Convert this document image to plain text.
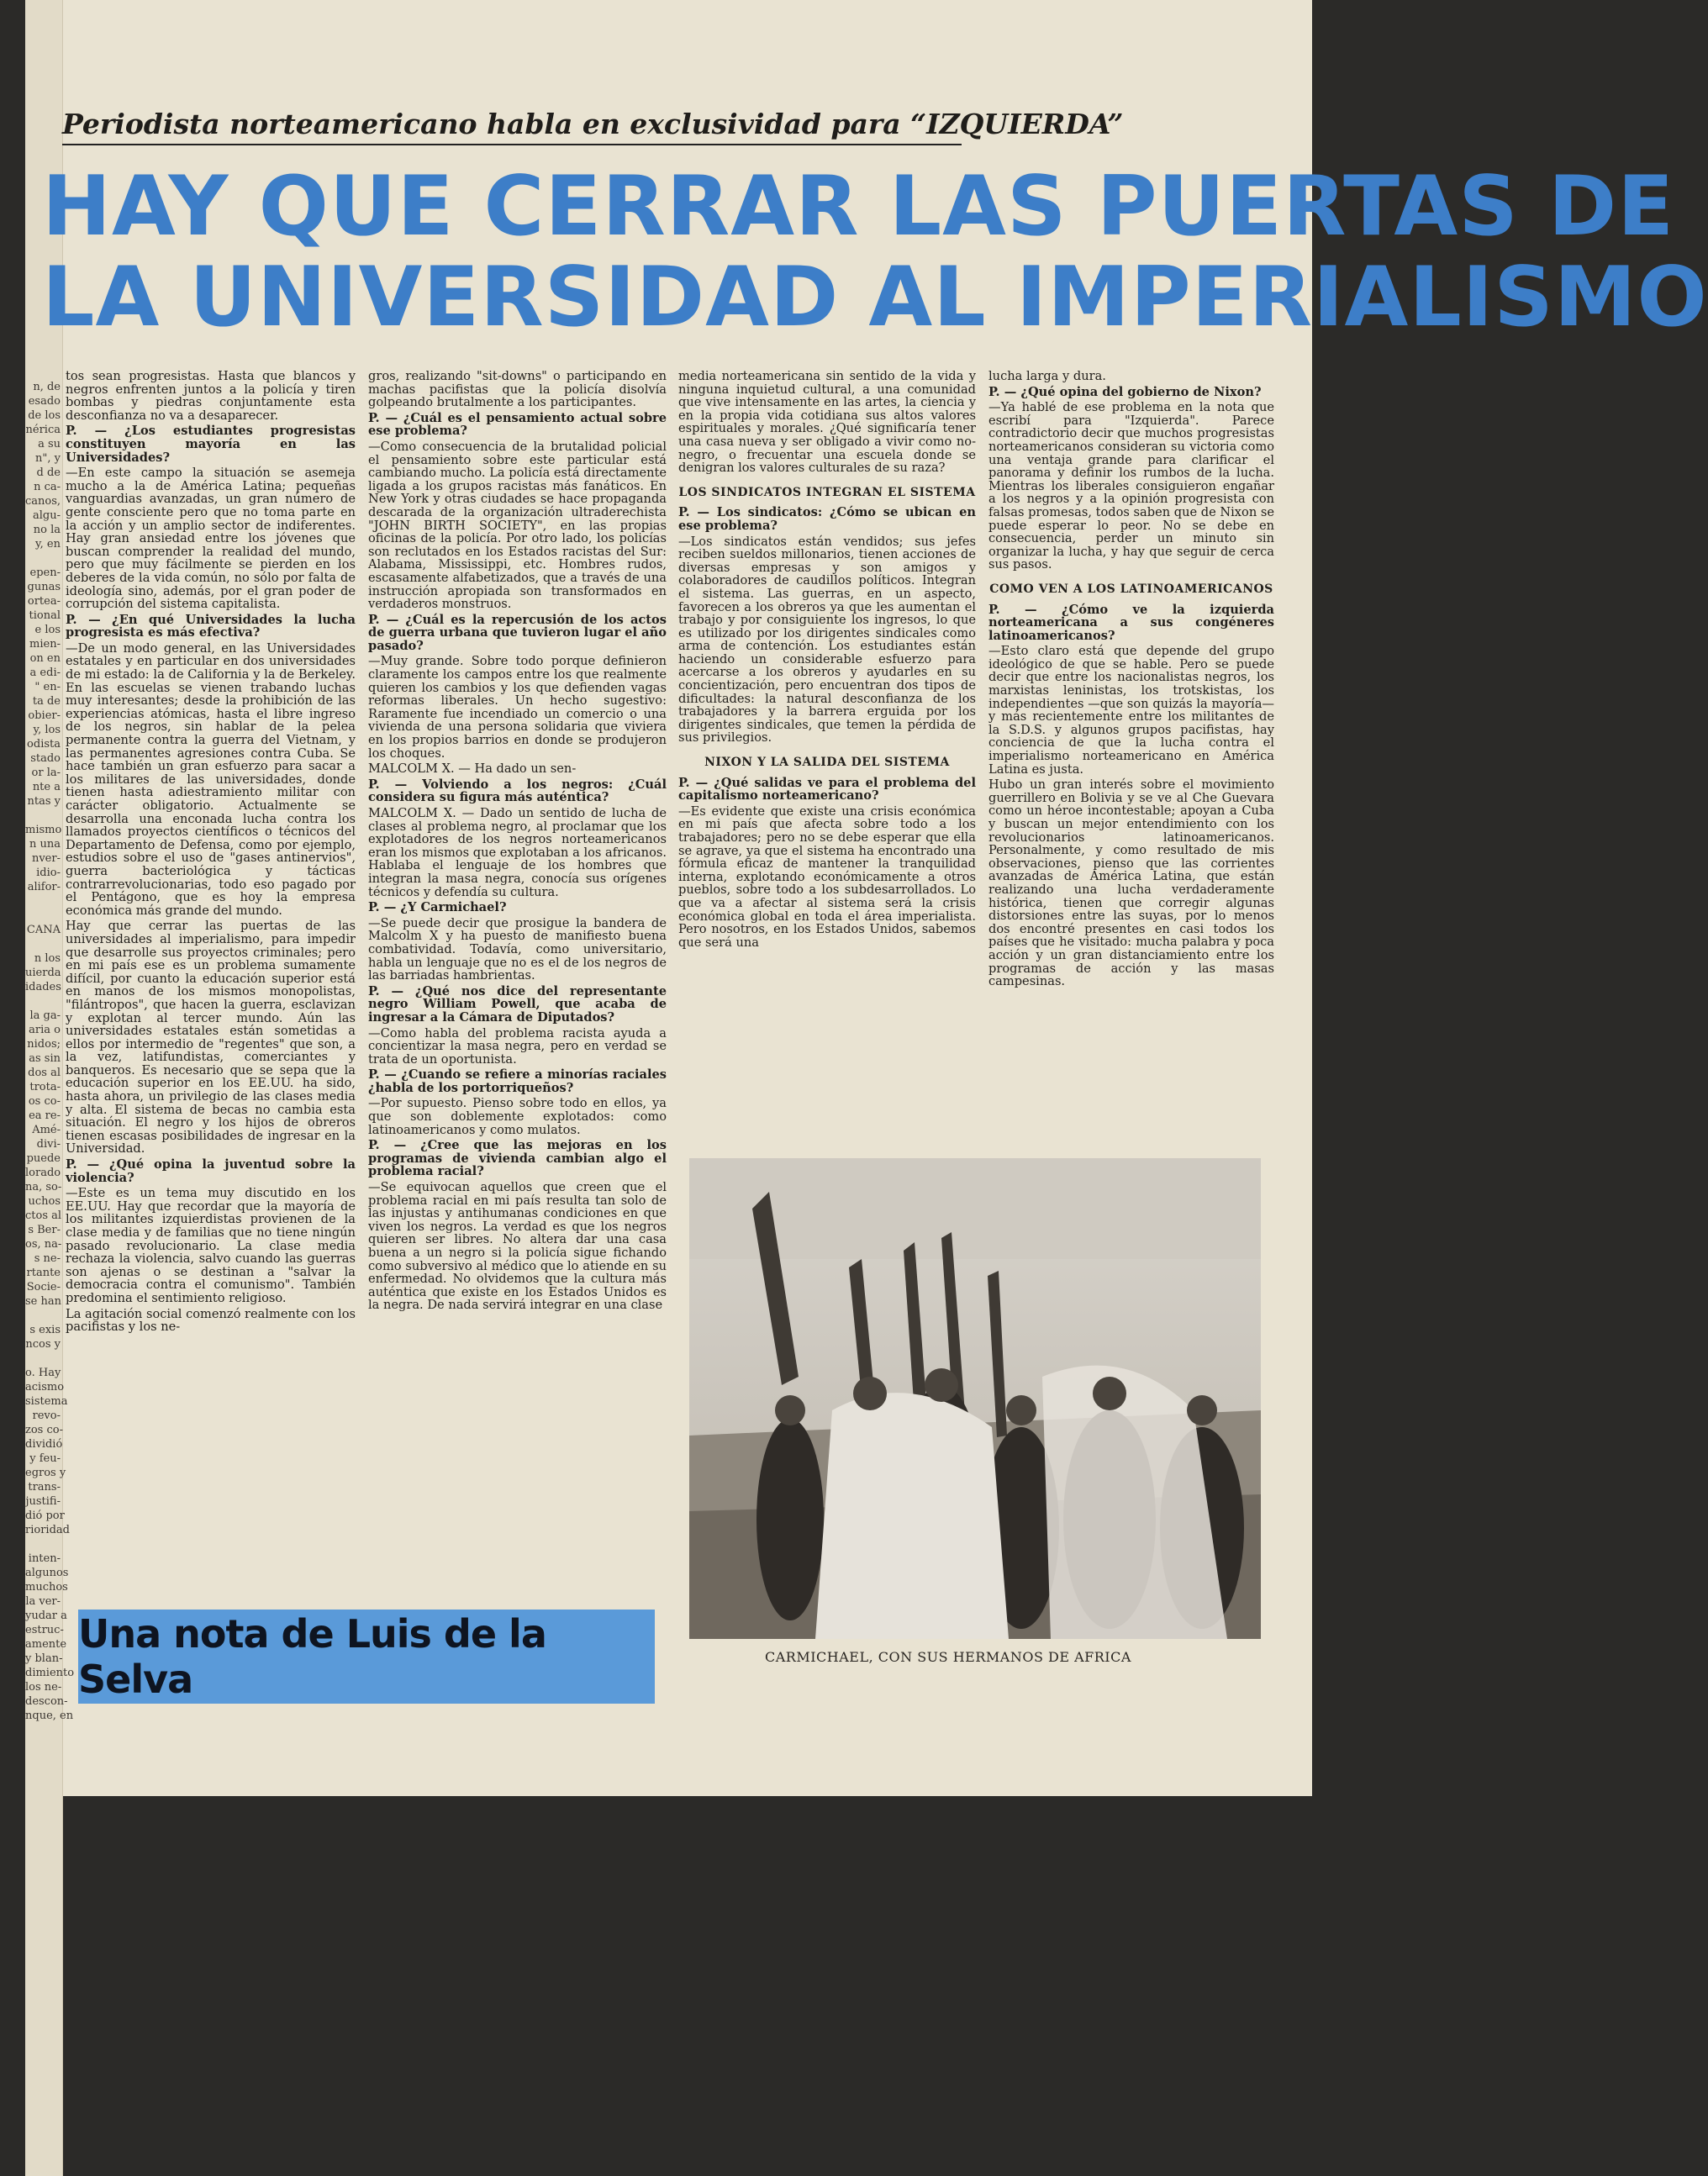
n, de
esado
de los
nérica
a su
n", y
d de
n ca-
canos,
algu-
no la
y, en

epen-
gunas
ortea-
tional
e los
mien-
on en
a edi-
" en-
ta de
obier-
y, los
odista
stado
or la-
nte a
ntas y

mismo
n una
nver-
idio-
alifor-

CANA

n los
uierda
idades

la ga-
aria o
nidos;
as sin
dos al
trota-
os co-
ea re-
Amé-
divi-
puede
lorado
na, so-
uchos
ctos al
s Ber-
os, na-
s ne-
rtante
Socie-
se han

s exis
ncos y

o. Hay
acismo
sistema
revo-
zos co-
dividió
y feu-
egros y
trans-
justifi-
dió por
rioridad

inten-
algunos
muchos
la ver-
yudar a
estruc-
amente
y blan-
dimiento
los ne-
descon-
nque, en
Periodista norteamericano habla en exclusividad para “IZQUIERDA”
HAY QUE CERRAR LAS PUERTAS DE
LA UNIVERSIDAD AL IMPERIALISMO

tos sean progresistas. Hasta que blancos y negros enfrenten juntos a la policía y tiren bombas y piedras conjuntamente esta desconfianza no va a desaparecer.

P. — ¿Los estudiantes progresistas constituyen mayoría en las Universidades?

—En este campo la situación se asemeja mucho a la de América Latina; pequeñas vanguardias avanzadas, un gran número de gente consciente pero que no toma parte en la acción y un amplio sector de indiferentes. Hay gran ansiedad entre los jóvenes que buscan comprender la realidad del mundo, pero que muy fácilmente se pierden en los deberes de la vida común, no sólo por falta de ideología sino, además, por el gran poder de corrupción del sistema capitalista.

P. — ¿En qué Universidades la lucha progresista es más efectiva?

—De un modo general, en las Universidades estatales y en particular en dos universidades de mi estado: la de California y la de Berkeley. En las escuelas se vienen trabando luchas muy interesantes; desde la prohibición de las experiencias atómicas, hasta el libre ingreso de los negros, sin hablar de la pelea permanente contra la guerra del Vietnam, y las permanentes agresiones contra Cuba. Se hace también un gran esfuerzo para sacar a los militares de las universidades, donde tienen hasta adiestramiento militar con carácter obligatorio. Actualmente se desarrolla una enconada lucha contra los llamados proyectos científicos o técnicos del Departamento de Defensa, como por ejemplo, estudios sobre el uso de "gases antinervios", guerra bacteriológica y tácticas contrarrevolucionarias, todo eso pagado por el Pentágono, que es hoy la empresa económica más grande del mundo.

Hay que cerrar las puertas de las universidades al imperialismo, para impedir que desarrolle sus proyectos criminales; pero en mi país ese es un problema sumamente difícil, por cuanto la educación superior está en manos de los mismos monopolistas, "filántropos", que hacen la guerra, esclavizan y explotan al tercer mundo. Aún las universidades estatales están sometidas a ellos por intermedio de "regentes" que son, a la vez, latifundistas, comerciantes y banqueros. Es necesario que se sepa que la educación superior en los EE.UU. ha sido, hasta ahora, un privilegio de las clases media y alta. El sistema de becas no cambia esta situación. El negro y los hijos de obreros tienen escasas posibilidades de ingresar en la Universidad.

P. — ¿Qué opina la juventud sobre la violencia?

—Este es un tema muy discutido en los EE.UU. Hay que recordar que la mayoría de los militantes izquierdistas provienen de la clase media y de familias que no tiene ningún pasado revolucionario. La clase media rechaza la violencia, salvo cuando las guerras son ajenas o se destinan a "salvar la democracia contra el comunismo". También predomina el sentimiento religioso.

La agitación social comenzó realmente con los pacifistas y los ne-

gros, realizando "sit-downs" o participando en machas pacifistas que la policía disolvía golpeando brutalmente a los participantes.

P. — ¿Cuál es el pensamiento actual sobre ese problema?

—Como consecuencia de la brutalidad policial el pensamiento sobre este particular está cambiando mucho. La policía está directamente ligada a los grupos racistas más fanáticos. En New York y otras ciudades se hace propaganda descarada de la organización ultraderechista "JOHN BIRTH SOCIETY", en las propias oficinas de la policía. Por otro lado, los policías son reclutados en los Estados racistas del Sur: Alabama, Mississippi, etc. Hombres rudos, escasamente alfabetizados, que a través de una instrucción apropiada son transformados en verdaderos monstruos.

P. — ¿Cuál es la repercusión de los actos de guerra urbana que tuvieron lugar el año pasado?

—Muy grande. Sobre todo porque definieron claramente los campos entre los que realmente quieren los cambios y los que defienden vagas reformas liberales. Un hecho sugestivo: Raramente fue incendiado un comercio o una vivienda de una persona solidaria que viviera en los propios barrios en donde se produjeron los choques.

MALCOLM X. — Ha dado un sen-

P. — Volviendo a los negros: ¿Cuál considera su figura más auténtica?

MALCOLM X. — Dado un sentido de lucha de clases al problema negro, al proclamar que los explotadores de los negros norteamericanos eran los mismos que explotaban a los africanos. Hablaba el lenguaje de los hombres que integran la masa negra, conocía sus orígenes técnicos y defendía su cultura.

P. — ¿Y Carmichael?

—Se puede decir que prosigue la bandera de Malcolm X y ha puesto de manifiesto buena combatividad. Todavía, como universitario, habla un lenguaje que no es el de los negros de las barriadas hambrientas.

P. — ¿Qué nos dice del representante negro William Powell, que acaba de ingresar a la Cámara de Diputados?

—Como habla del problema racista ayuda a concientizar la masa negra, pero en verdad se trata de un oportunista.

P. — ¿Cuando se refiere a minorías raciales ¿habla de los portorriqueños?

—Por supuesto. Pienso sobre todo en ellos, ya que son doblemente explotados: como latinoamericanos y como mulatos.

P. — ¿Cree que las mejoras en los programas de vivienda cambian algo el problema racial?

—Se equivocan aquellos que creen que el problema racial en mi país resulta tan solo de las injustas y antihumanas condiciones en que viven los negros. La verdad es que los negros quieren ser libres. No altera dar una casa buena a un negro si la policía sigue fichando como subversivo al médico que lo atiende en su enfermedad. No olvidemos que la cultura más auténtica que existe en los Estados Unidos es la negra. De nada servirá integrar en una clase

media norteamericana sin sentido de la vida y ninguna inquietud cultural, a una comunidad que vive intensamente en las artes, la ciencia y en la propia vida cotidiana sus altos valores espirituales y morales. ¿Qué significaría tener una casa nueva y ser obligado a vivir como no-negro, o frecuentar una escuela donde se denigran los valores culturales de su raza?

LOS SINDICATOS INTEGRAN EL SISTEMA

P. — Los sindicatos: ¿Cómo se ubican en ese problema?

—Los sindicatos están vendidos; sus jefes reciben sueldos millonarios, tienen acciones de diversas empresas y son amigos y colaboradores de caudillos políticos. Integran el sistema. Las guerras, en un aspecto, favorecen a los obreros ya que les aumentan el trabajo y por consiguiente los ingresos, lo que es utilizado por los dirigentes sindicales como arma de contención. Los estudiantes están haciendo un considerable esfuerzo para acercarse a los obreros y ayudarles en su concientización, pero encuentran dos tipos de dificultades: la natural desconfianza de los trabajadores y la barrera erguida por los dirigentes sindicales, que temen la pérdida de sus privilegios.

NIXON Y LA SALIDA DEL SISTEMA

P. — ¿Qué salidas ve para el problema del capitalismo norteamericano?

—Es evidente que existe una crisis económica en mi país que afecta sobre todo a los trabajadores; pero no se debe esperar que ella se agrave, ya que el sistema ha encontrado una fórmula eficaz de mantener la tranquilidad interna, explotando económicamente a otros pueblos, sobre todo a los subdesarrollados. Lo que va a afectar al sistema será la crisis económica global en toda el área imperialista. Pero nosotros, en los Estados Unidos, sabemos que será una

lucha larga y dura.

P. — ¿Qué opina del gobierno de Nixon?

—Ya hablé de ese problema en la nota que escribí para "Izquierda". Parece contradictorio decir que muchos progresistas norteamericanos consideran su victoria como una ventaja grande para clarificar el panorama y definir los rumbos de la lucha. Mientras los liberales consiguieron engañar a los negros y a la opinión progresista con falsas promesas, todos saben que de Nixon se puede esperar lo peor. No se debe en consecuencia, perder un minuto sin organizar la lucha, y hay que seguir de cerca sus pasos.

COMO VEN A LOS LATINOAMERICANOS

P. — ¿Cómo ve la izquierda norteamericana a sus congéneres latinoamericanos?

—Esto claro está que depende del grupo ideológico de que se hable. Pero se puede decir que entre los nacionalistas negros, los marxistas leninistas, los trotskistas, los independientes —que son quizás la mayoría— y más recientemente entre los militantes de la S.D.S. y algunos grupos pacifistas, hay conciencia de que la lucha contra el imperialismo norteamericano en América Latina es justa.

Hubo un gran interés sobre el movimiento guerrillero en Bolivia y se ve al Che Guevara como un héroe incontestable; apoyan a Cuba y buscan un mejor entendimiento con los revolucionarios latinoamericanos. Personalmente, y como resultado de mis observaciones, pienso que las corrientes avanzadas de América Latina, que están realizando una lucha verdaderamente histórica, tienen que corregir algunas distorsiones entre las suyas, por lo menos dos encontré presentes en casi todos los países que he visitado: mucha palabra y poca acción y un gran distanciamiento entre los programas de acción y las masas campesinas.

Una nota de Luis de la Selva	CARMICHAEL, CON SUS HERMANOS DE AFRICA
